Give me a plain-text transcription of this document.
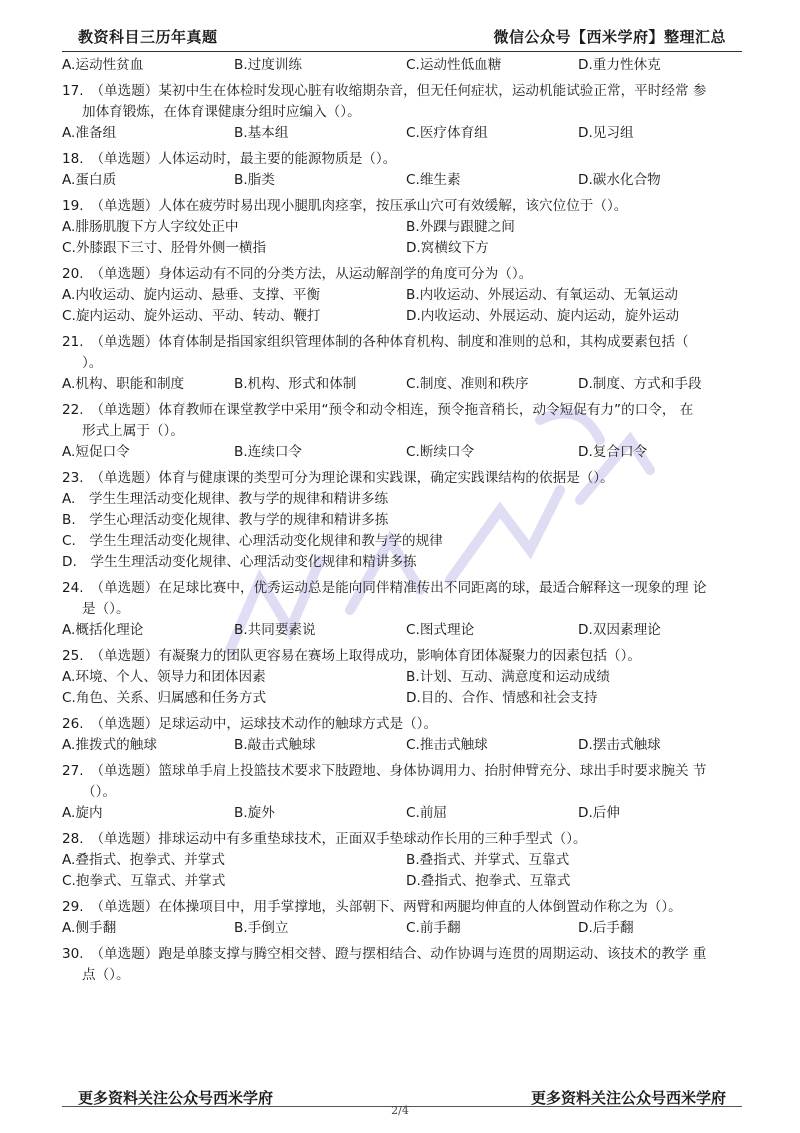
教资科目三历年真题	微信公众号【西米学府】整理汇总
A.运动性贫血	B.过度训练	C.运动性低血糖	D.重力性休克
17.　 （单选题）某初中生在体检时发现心脏有收缩期杂音，但无任何症状，运动机能试验正常，平时经常 参
加体育锻炼，在体育课健康分组时应编入（）。
A.准备组	B.基本组	C.医疗体育组	D.见习组
18.　 （单选题）人体运动时，最主要的能源物质是（）。
A.蛋白质	B.脂类	C.维生素	D.碳水化合物
19.　 （单选题）人体在疲劳时易出现小腿肌肉痉挛，按压承山穴可有效缓解，该穴位位于（）。
A.腓肠肌腹下方人字纹处正中	B.外踝与跟腱之间
C.外膝跟下三寸、胫骨外侧一横指	D.窝横纹下方
20.　 （单选题）身体运动有不同的分类方法，从运动解剖学的角度可分为（）。
A.内收运动、旋内运动、悬垂、支撑、平衡	B.内收运动、外展运动、有氧运动、无氧运动
C.旋内运动、旋外运动、平动、转动、鞭打	D.内收运动、外展运动、旋内运动，旋外运动
21.　 （单选题）体育体制是指国家组织管理体制的各种体育机构、制度和准则的总和，其构成要素包括（
）。
A.机构、职能和制度	B.机构、形式和体制	C.制度、准则和秩序	D.制度、方式和手段
22.　 （单选题）体育教师在课堂教学中采用“预令和动令相连，预令拖音稍长，动令短促有力”的口令， 在
形式上属于（）。
A.短促口令	B.连续口令	C.断续口令	D.复合口令
23.　 （单选题）体育与健康课的类型可分为理论课和实践课，确定实践课结构的依据是（）。
A.　学生生理活动变化规律、教与学的规律和精讲多练
B.　学生心理活动变化规律、教与学的规律和精讲多拣
C.　学生生理活动变化规律、心理活动变化规律和教与学的规律
D.　学生生理活动变化规律、心理活动变化规律和精讲多拣
24.　 （单选题）在足球比赛中，优秀运动总是能向同伴精准传出不同距离的球，最适合解释这一现象的理 论
是（）。
A.概括化理论	B.共同要素说	C.图式理论	D.双因素理论
25.　 （单选题）有凝聚力的团队更容易在赛场上取得成功，影响体育团体凝聚力的因素包括（）。
A.环境、个人、领导力和团体因素	B.计划、互动、满意度和运动成绩
C.角色、关系、归属感和任务方式	D.目的、合作、情感和社会支持
26.　 （单选题）足球运动中，运球技术动作的触球方式是（）。
A.推拨式的触球	B.敲击式触球	C.推击式触球	D.摆击式触球
27.　 （单选题）篮球单手肩上投篮技术要求下肢蹬地、身体协调用力、抬肘伸臂充分、球出手时要求腕关 节
（）。
A.旋内	B.旋外	C.前屈	D.后伸
28.　 （单选题）排球运动中有多重垫球技术，正面双手垫球动作长用的三种手型式（）。
A.叠指式、抱拳式、并掌式	B.叠指式、并掌式、互靠式
C.抱拳式、互靠式、并掌式	D.叠指式、抱拳式、互靠式
29.　 （单选题）在体操项目中，用手掌撑地，头部朝下、两臂和两腿均伸直的人体倒置动作称之为（）。
A.侧手翻	B.手倒立	C.前手翻	D.后手翻
30.　 （单选题）跑是单膝支撑与腾空相交替、蹬与摆相结合、动作协调与连贯的周期运动、该技术的教学 重
点（）。
更多资料关注公众号西米学府	更多资料关注公众号西米学府
2/4
